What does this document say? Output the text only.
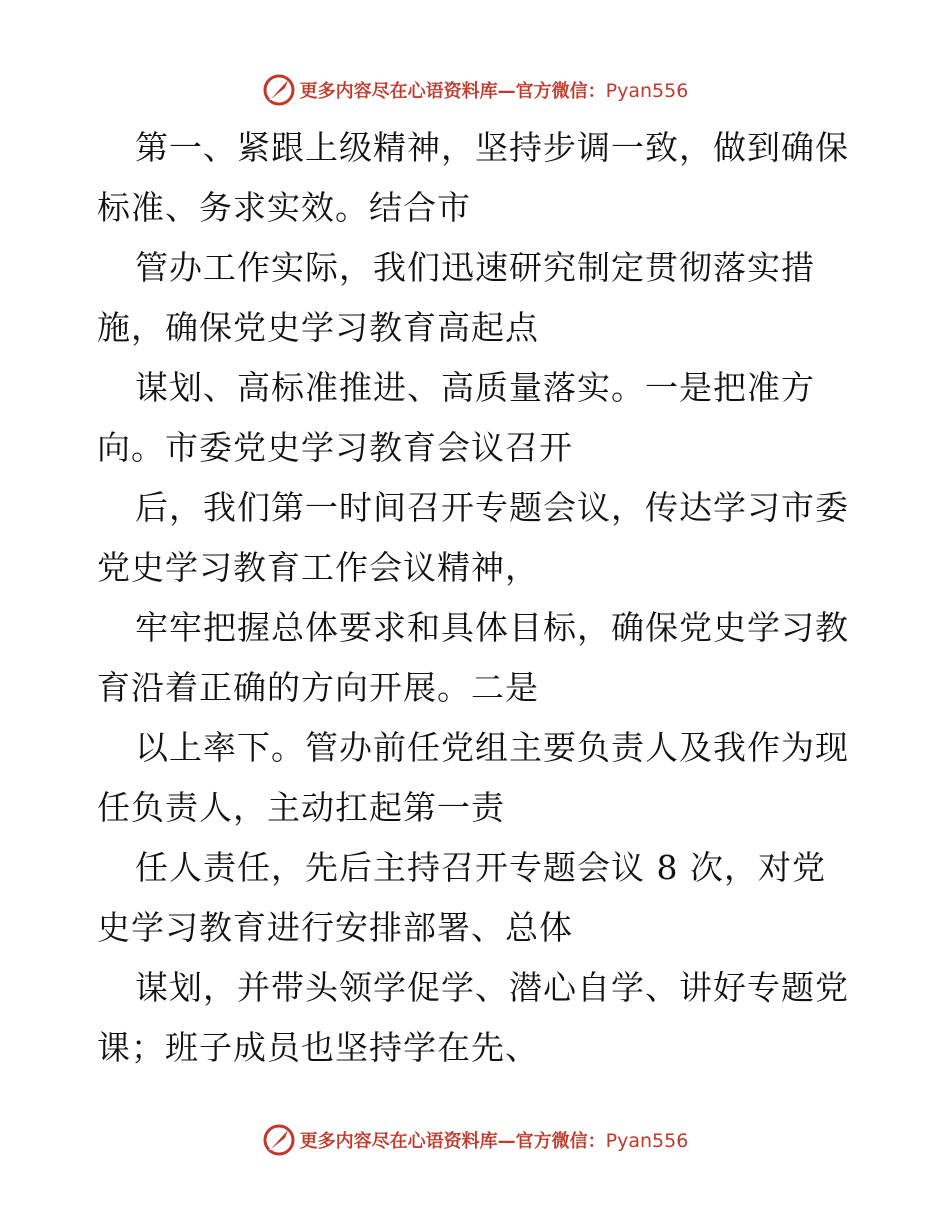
更多内容尽在心语资料库—官方微信：Pyan556
第一、紧跟上级精神，坚持步调一致，做到确保
标准、务求实效。结合市
管办工作实际，我们迅速研究制定贯彻落实措
施，确保党史学习教育高起点
谋划、高标准推进、高质量落实。一是把准方
向。市委党史学习教育会议召开
后，我们第一时间召开专题会议，传达学习市委
党史学习教育工作会议精神，
牢牢把握总体要求和具体目标，确保党史学习教
育沿着正确的方向开展。二是
以上率下。管办前任党组主要负责人及我作为现
任负责人，主动扛起第一责
任人责任，先后主持召开专题会议 8 次，对党
史学习教育进行安排部署、总体
谋划，并带头领学促学、潜心自学、讲好专题党
课；班子成员也坚持学在先、
更多内容尽在心语资料库—官方微信：Pyan556
